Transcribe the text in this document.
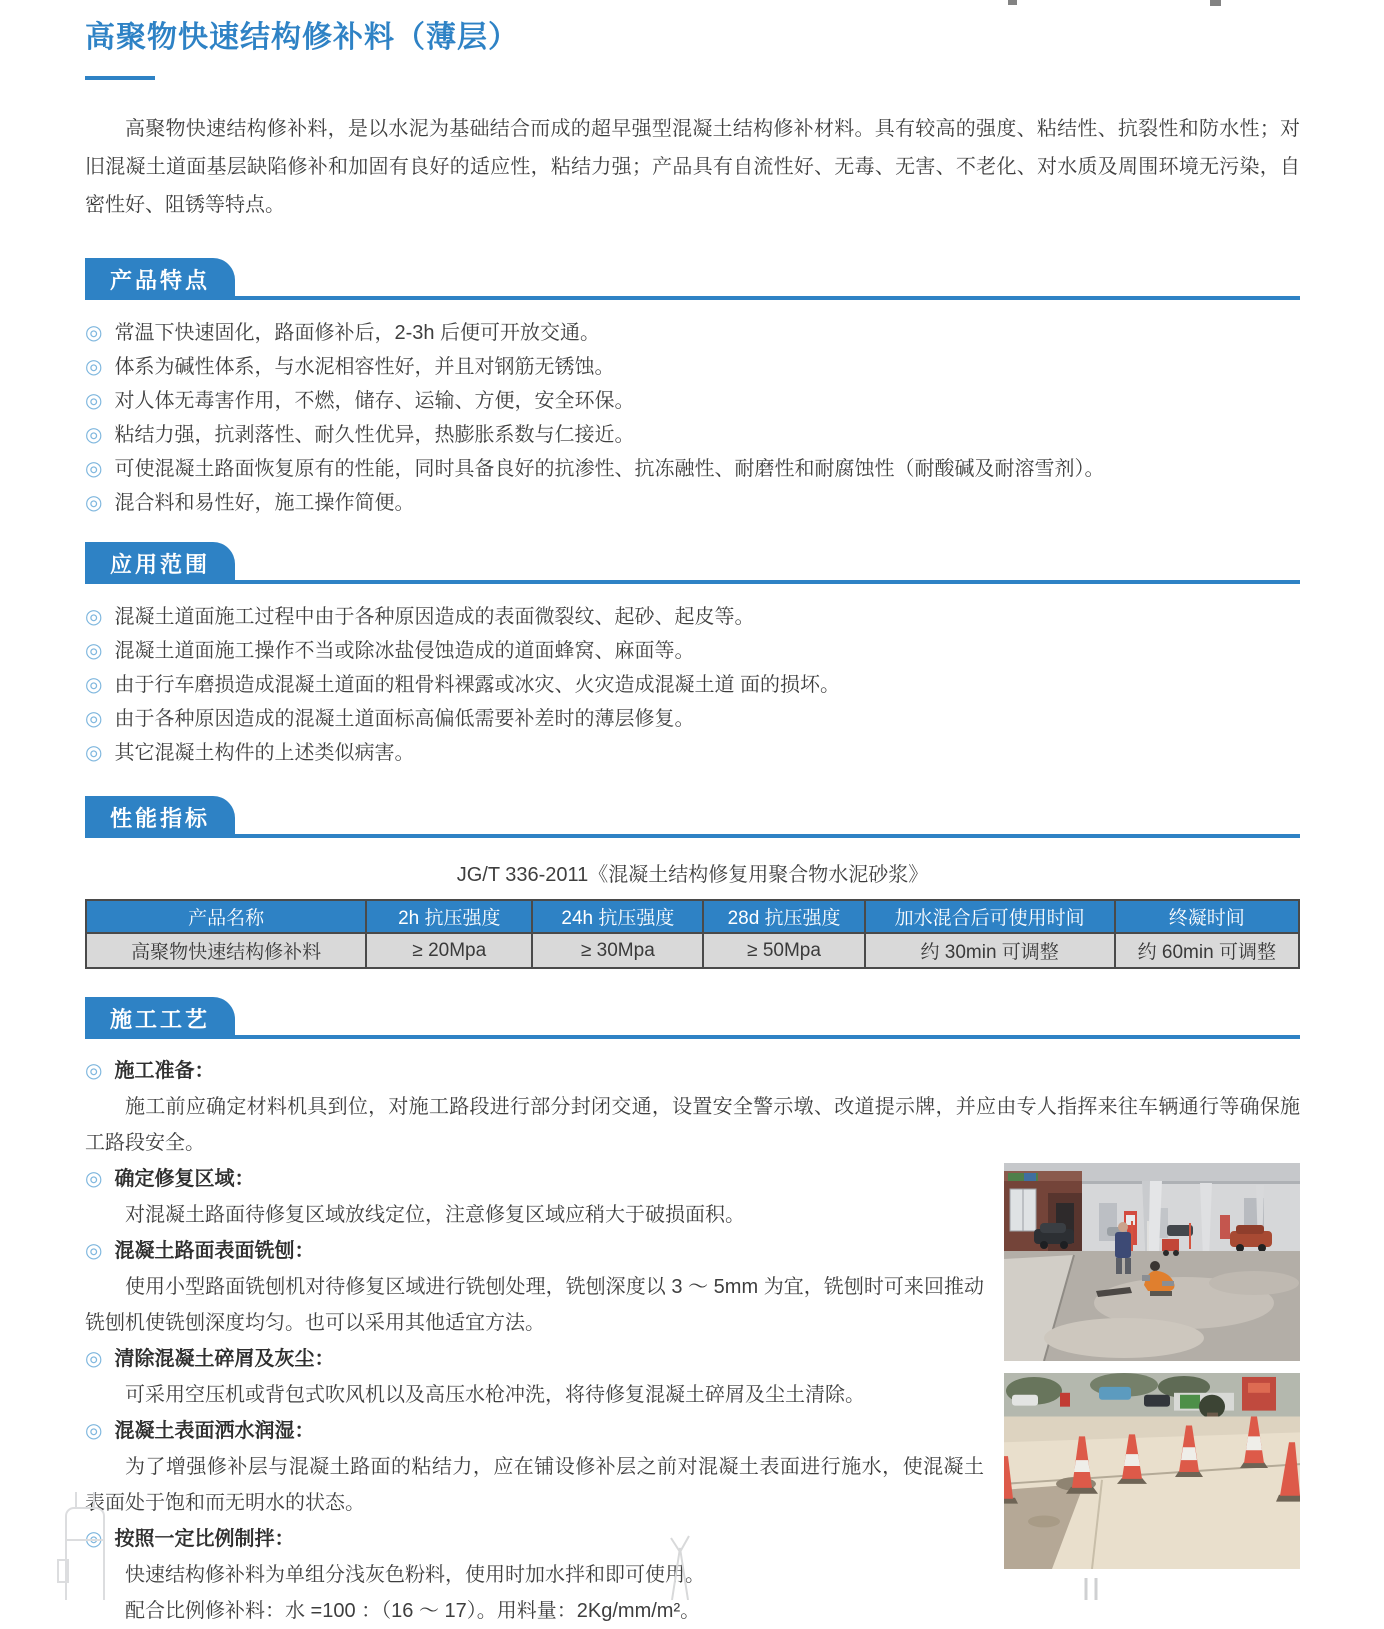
高聚物快速结构修补料（薄层）

高聚物快速结构修补料，是以水泥为基础结合而成的超早强型混凝土结构修补材料。具有较高的强度、粘结性、抗裂性和防水性；对旧混凝土道面基层缺陷修补和加固有良好的适应性，粘结力强；产品具有自流性好、无毒、无害、不老化、对水质及周围环境无污染，自密性好、阻锈等特点。

产品特点
◎ 常温下快速固化，路面修补后，2-3h 后便可开放交通。
◎ 体系为碱性体系，与水泥相容性好，并且对钢筋无锈蚀。
◎ 对人体无毒害作用，不燃，储存、运输、方便，安全环保。
◎ 粘结力强，抗剥落性、耐久性优异，热膨胀系数与仁接近。
◎ 可使混凝土路面恢复原有的性能，同时具备良好的抗渗性、抗冻融性、耐磨性和耐腐蚀性（耐酸碱及耐溶雪剂）。
◎ 混合料和易性好，施工操作简便。
应用范围
◎ 混凝土道面施工过程中由于各种原因造成的表面微裂纹、起砂、起皮等。
◎ 混凝土道面施工操作不当或除冰盐侵蚀造成的道面蜂窝、麻面等。
◎ 由于行车磨损造成混凝土道面的粗骨料裸露或冰灾、火灾造成混凝土道 面的损坏。
◎ 由于各种原因造成的混凝土道面标高偏低需要补差时的薄层修复。
◎ 其它混凝土构件的上述类似病害。
性能指标

JG/T 336-2011《混凝土结构修复用聚合物水泥砂浆》

产品名称	2h 抗压强度	24h 抗压强度	28d 抗压强度	加水混合后可使用时间	终凝时间
高聚物快速结构修补料	≥ 20Mpa	≥ 30Mpa	≥ 50Mpa	约 30min 可调整	约 60min 可调整
施工工艺

◎ 施工准备：

施工前应确定材料机具到位，对施工路段进行部分封闭交通，设置安全警示墩、改道提示牌，并应由专人指挥来往车辆通行等确保施工路段安全。

◎ 确定修复区域：

对混凝土路面待修复区域放线定位，注意修复区域应稍大于破损面积。

◎ 混凝土路面表面铣刨：

使用小型路面铣刨机对待修复区域进行铣刨处理，铣刨深度以 3 ～ 5mm 为宜，铣刨时可来回推动铣刨机使铣刨深度均匀。也可以采用其他适宜方法。

◎ 清除混凝土碎屑及灰尘：

可采用空压机或背包式吹风机以及高压水枪冲洗，将待修复混凝土碎屑及尘土清除。

◎ 混凝土表面洒水润湿：

为了增强修补层与混凝土路面的粘结力，应在铺设修补层之前对混凝土表面进行施水，使混凝土表面处于饱和而无明水的状态。

◎ 按照一定比例制拌：

快速结构修补料为单组分浅灰色粉料，使用时加水拌和即可使用。

配合比例修补料：水 =100 ：（16 ～ 17）。用料量：2Kg/mm/m²。
